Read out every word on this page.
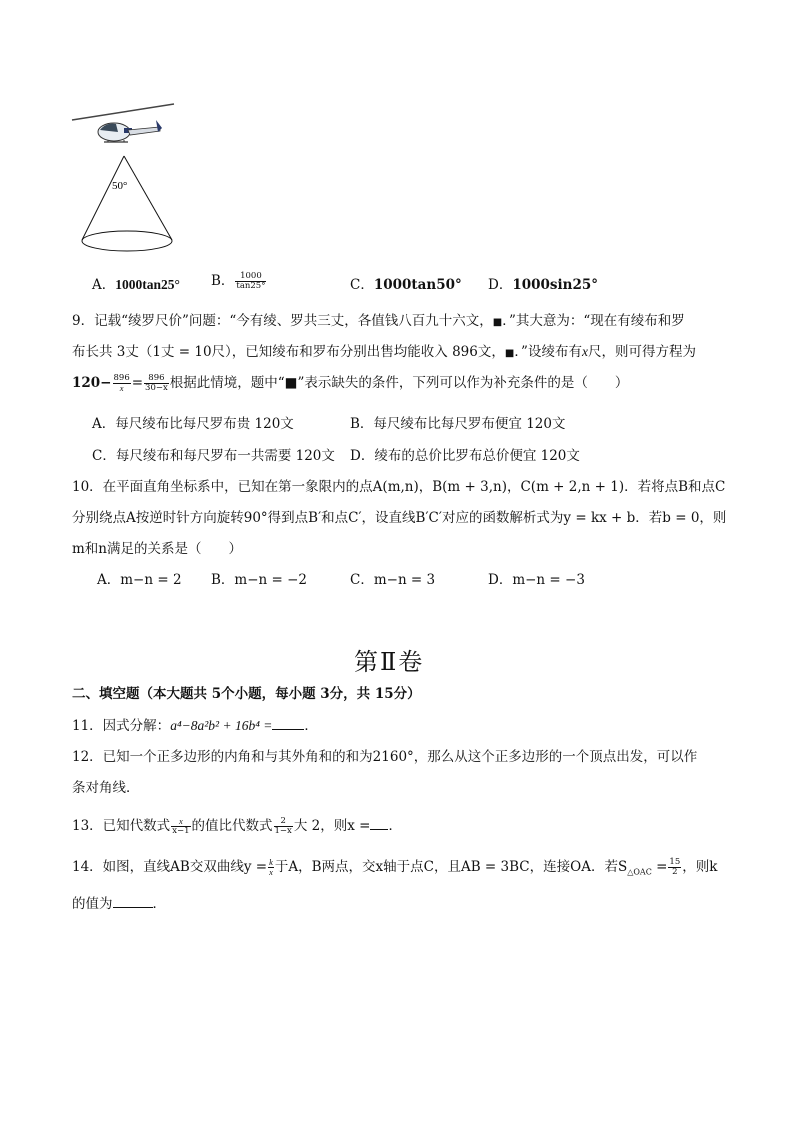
50°
A．1000tan25° B． $\frac{1000}{\tan 25^\circ}$	C．1000tan50° D．1000sin25°
9．记载“绫罗尺价”问题：“今有绫、罗共三丈，各值钱八百九十六文，■．”其大意为：“现在有绫布和罗
布长共 3丈（1丈 = 10尺），已知绫布和罗布分别出售均能收入 896文，■．”设绫布有x尺，则可得方程为
$120- \frac{896}{x} = \frac{896}{30-x}$ 根据此情境，题中“■”表示缺失的条件，下列可以作为补充条件的是（　　）
A．每尺绫布比每尺罗布贵 120文	B．每尺绫布比每尺罗布便宜 120文
C．每尺绫布和每尺罗布一共需要 120文 D．绫布的总价比罗布总价便宜 120文
10．在平面直角坐标系中，已知在第一象限内的点A(m,n)，B(m + 3,n)，C(m + 2,n + 1)．若将点B和点C
分别绕点A按逆时针方向旋转90°得到点B′和点C′，设直线B′C′对应的函数解析式为y = kx + b．若b = 0，则
m和n满足的关系是（　　）
A．m−n = 2 B．m−n = −2	C．m−n = 3	D．m−n = −3
第Ⅱ卷
二、填空题（本大题共 5个小题，每小题 3分，共 15分）
11．因式分解：a⁴−8a²b² + 16b⁴ = ．
12．已知一个正多边形的内角和与其外角和的和为2160°，那么从这个正多边形的一个顶点出发，可以作
条对角线．
13．已知代数式 $\frac{x}{x-1}$ 的值比代数式 $\frac{2}{1-x}$ 大 2，则x = ．
14．如图，直线AB交双曲线$y = \frac{k}{x}$ 于A，B两点，交x轴于点C，且AB = 3BC，连接OA．若$S_{\triangle OAC} = \frac{15}{2}$ ，则k
的值为	．
